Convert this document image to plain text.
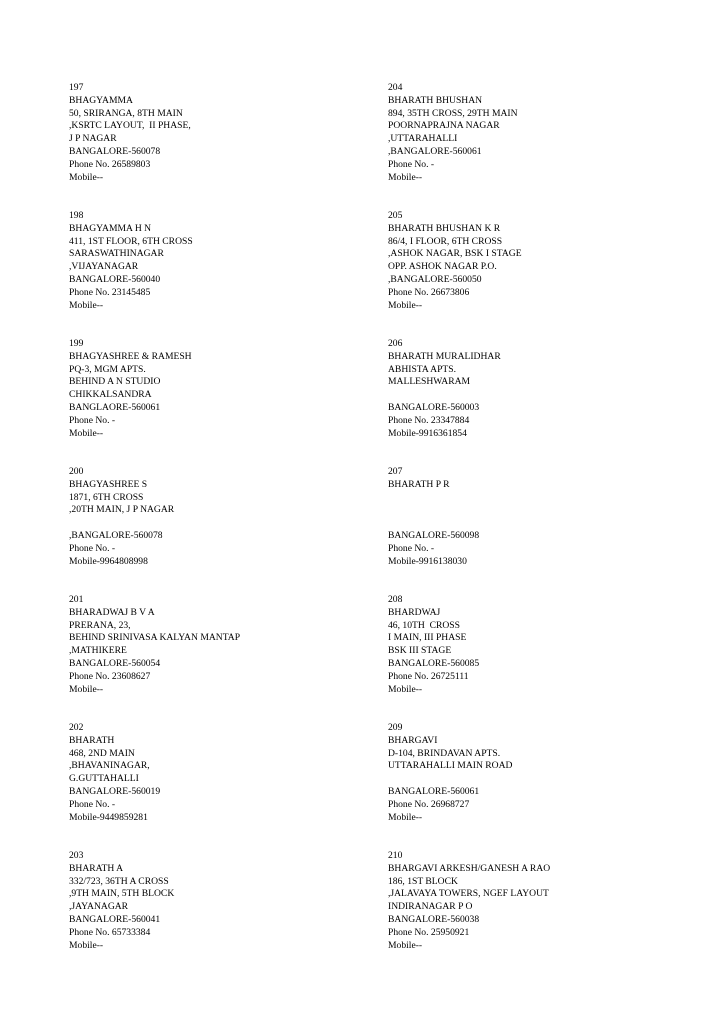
197
BHAGYAMMA
50, SRIRANGA, 8TH MAIN
,KSRTC LAYOUT,  II PHASE,
J P NAGAR
BANGALORE-560078
Phone No. 26589803
Mobile--
198
BHAGYAMMA H N
411, 1ST FLOOR, 6TH CROSS
SARASWATHINAGAR
,VIJAYANAGAR
BANGALORE-560040
Phone No. 23145485
Mobile--
199
BHAGYASHREE & RAMESH
PQ-3, MGM APTS.
BEHIND A N STUDIO
CHIKKALSANDRA
BANGLAORE-560061
Phone No. -
Mobile--
200
BHAGYASHREE S
1871, 6TH CROSS
,20TH MAIN, J P NAGAR
,BANGALORE-560078
Phone No. -
Mobile-9964808998
201
BHARADWAJ B V A
PRERANA, 23,
BEHIND SRINIVASA KALYAN MANTAP
,MATHIKERE
BANGALORE-560054
Phone No. 23608627
Mobile--
202
BHARATH
468, 2ND MAIN
,BHAVANINAGAR,
G.GUTTAHALLI
BANGALORE-560019
Phone No. -
Mobile-9449859281
203
BHARATH A
332/723, 36TH A CROSS
,9TH MAIN, 5TH BLOCK
,JAYANAGAR
BANGALORE-560041
Phone No. 65733384
Mobile--
204
BHARATH BHUSHAN
894, 35TH CROSS, 29TH MAIN
POORNAPRAJNA NAGAR
,UTTARAHALLI
,BANGALORE-560061
Phone No. -
Mobile--
205
BHARATH BHUSHAN K R
86/4, I FLOOR, 6TH CROSS
,ASHOK NAGAR, BSK I STAGE
OPP. ASHOK NAGAR P.O.
,BANGALORE-560050
Phone No. 26673806
Mobile--
206
BHARATH MURALIDHAR
ABHISTA APTS.
MALLESHWARAM
BANGALORE-560003
Phone No. 23347884
Mobile-9916361854
207
BHARATH P R
BANGALORE-560098
Phone No. -
Mobile-9916138030
208
BHARDWAJ
46, 10TH  CROSS
I MAIN, III PHASE
BSK III STAGE
BANGALORE-560085
Phone No. 26725111
Mobile--
209
BHARGAVI
D-104, BRINDAVAN APTS.
UTTARAHALLI MAIN ROAD
BANGALORE-560061
Phone No. 26968727
Mobile--
210
BHARGAVI ARKESH/GANESH A RAO
186, 1ST BLOCK
,JALAVAYA TOWERS, NGEF LAYOUT
INDIRANAGAR P O
BANGALORE-560038
Phone No. 25950921
Mobile--
